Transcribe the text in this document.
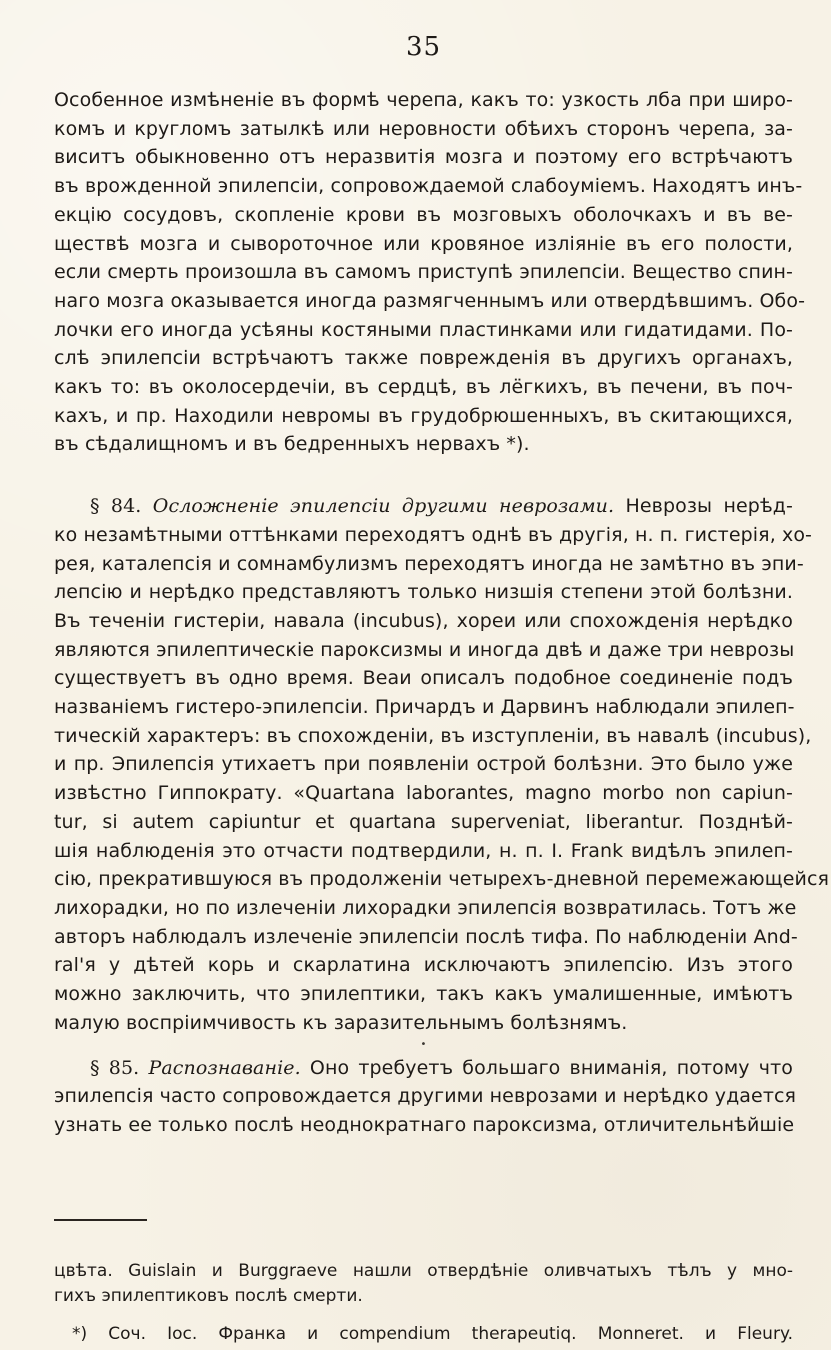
35

Особенное измѣненіе въ формѣ черепа, какъ то: узкость лба при широ-
комъ и кругломъ затылкѣ или неровности обѣихъ сторонъ черепа, за-
виситъ обыкновенно отъ неразвитія мозга и поэтому его встрѣчаютъ
въ врожденной эпилепсіи, сопровождаемой слабоуміемъ. Находятъ инъ-
екцію сосудовъ, скопленіе крови въ мозговыхъ оболочкахъ и въ ве-
ществѣ мозга и сывороточное или кровяное изліяніе въ его полости,
если смерть произошла въ самомъ приступѣ эпилепсіи. Вещество спин-
наго мозга оказывается иногда размягченнымъ или отвердѣвшимъ. Обо-
лочки его иногда усѣяны костяными пластинками или гидатидами. По-
слѣ эпилепсіи встрѣчаютъ также поврежденія въ другихъ органахъ,
какъ то: въ околосердечіи, въ сердцѣ, въ лёгкихъ, въ печени, въ поч-
кахъ, и пр. Находили невромы въ грудобрюшенныхъ, въ скитающихся,
въ сѣдалищномъ и въ бедренныхъ нервахъ *).

§ 84. Осложненіе эпилепсіи другими неврозами. Неврозы нерѣд-
ко незамѣтными оттѣнками переходятъ однѣ въ другія, н. п. гистерія, хо-
рея, каталепсія и сомнамбулизмъ переходятъ иногда не замѣтно въ эпи-
лепсію и нерѣдко представляютъ только низшія степени этой болѣзни.
Въ теченіи гистеріи, навала (incubus), хореи или спохожденія нерѣдко
являются эпилептическіе пароксизмы и иногда двѣ и даже три неврозы
существуетъ въ одно время. Веаи описалъ подобное соединеніе подъ
названіемъ гистеро-эпилепсіи. Причардъ и Дарвинъ наблюдали эпилеп-
тическій характеръ: въ спохожденіи, въ изступленіи, въ навалѣ (incubus),
и пр. Эпилепсія утихаетъ при появленіи острой болѣзни. Это было уже
извѣстно Гиппократу. «Quartana laborantes, magno morbo non capiun-
tur, si autem capiuntur et quartana superveniat, liberantur. Позднѣй-
шія наблюденія это отчасти подтвердили, н. п. I. Frank видѣлъ эпилеп-
сію, прекратившуюся въ продолженіи четырехъ-дневной перемежающейся
лихорадки, но по излеченіи лихорадки эпилепсія возвратилась. Тотъ же
авторъ наблюдалъ излеченіе эпилепсіи послѣ тифа. По наблюденіи And-
ral'я у дѣтей корь и скарлатина исключаютъ эпилепсію. Изъ этого
можно заключить, что эпилептики, такъ какъ умалишенные, имѣютъ
малую воспріимчивость къ заразительнымъ болѣзнямъ.

•

§ 85. Распознаваніе. Оно требуетъ большаго вниманія, потому что
эпилепсія часто сопровождается другими неврозами и нерѣдко удается
узнать ее только послѣ неоднократнаго пароксизма, отличительнѣйшіе

цвѣта. Guislain и Burggraeve нашли отвердѣніе оливчатыхъ тѣлъ у мно-
гихъ эпилептиковъ послѣ смерти.
*) Соч. Іос. Франка и compendium therapeutiq. Monneret. и Fleury.
